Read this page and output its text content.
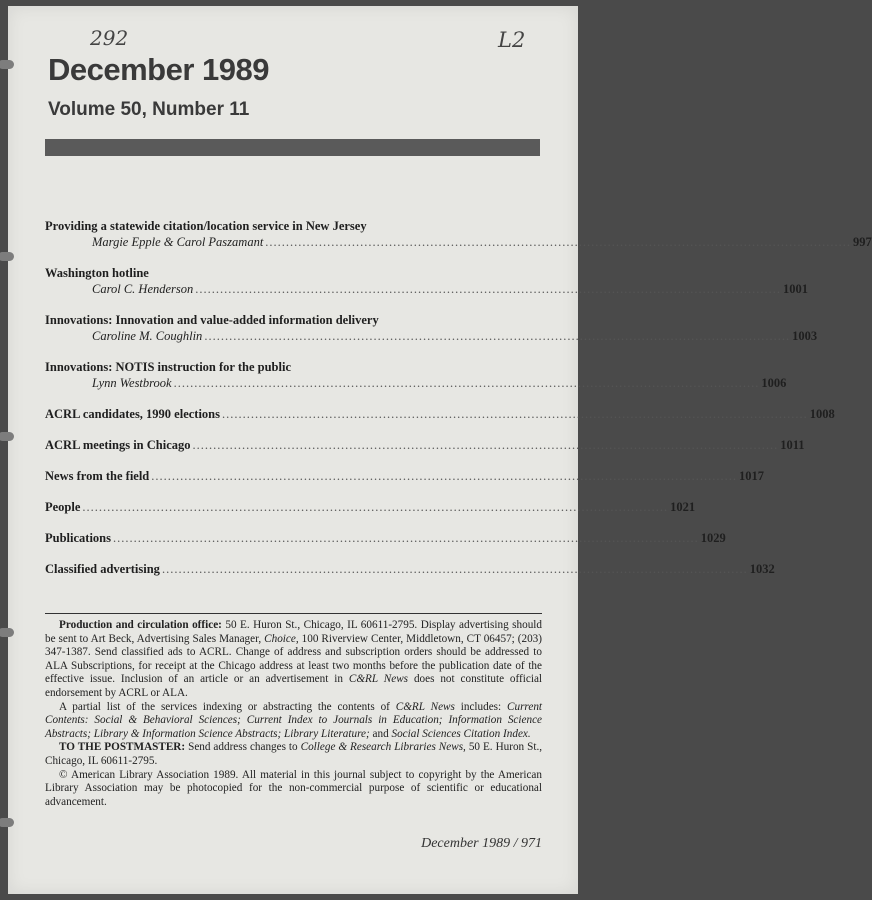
292	L2
December 1989
Volume 50, Number 11
Providing a statewide citation/location service in New Jersey
Margie Epple & Carol Paszamant .............................................................................................................................................. 997
Washington hotline
Carol C. Henderson .............................................................................................................................................. 1001
Innovations: Innovation and value-added information delivery
Caroline M. Coughlin .............................................................................................................................................. 1003
Innovations: NOTIS instruction for the public
Lynn Westbrook .............................................................................................................................................. 1006
ACRL candidates, 1990 elections .............................................................................................................................................. 1008
ACRL meetings in Chicago .............................................................................................................................................. 1011
News from the field .............................................................................................................................................. 1017
People .............................................................................................................................................. 1021
Publications .............................................................................................................................................. 1029
Classified advertising .............................................................................................................................................. 1032

Production and circulation office: 50 E. Huron St., Chicago, IL 60611-2795. Display advertising should be sent to Art Beck, Advertising Sales Manager, Choice, 100 Riverview Center, Middletown, CT 06457; (203) 347-1387. Send classified ads to ACRL. Change of address and subscription orders should be addressed to ALA Subscriptions, for receipt at the Chicago address at least two months before the publication date of the effective issue. Inclusion of an article or an advertisement in C&RL News does not constitute official endorsement by ACRL or ALA.

A partial list of the services indexing or abstracting the contents of C&RL News includes: Current Contents: Social & Behavioral Sciences; Current Index to Journals in Education; Information Science Abstracts; Library & Information Science Abstracts; Library Literature; and Social Sciences Citation Index.

TO THE POSTMASTER: Send address changes to College & Research Libraries News, 50 E. Huron St., Chicago, IL 60611-2795.

© American Library Association 1989. All material in this journal subject to copyright by the American Library Association may be photocopied for the non-commercial purpose of scientific or educational advancement.

December 1989 / 971
